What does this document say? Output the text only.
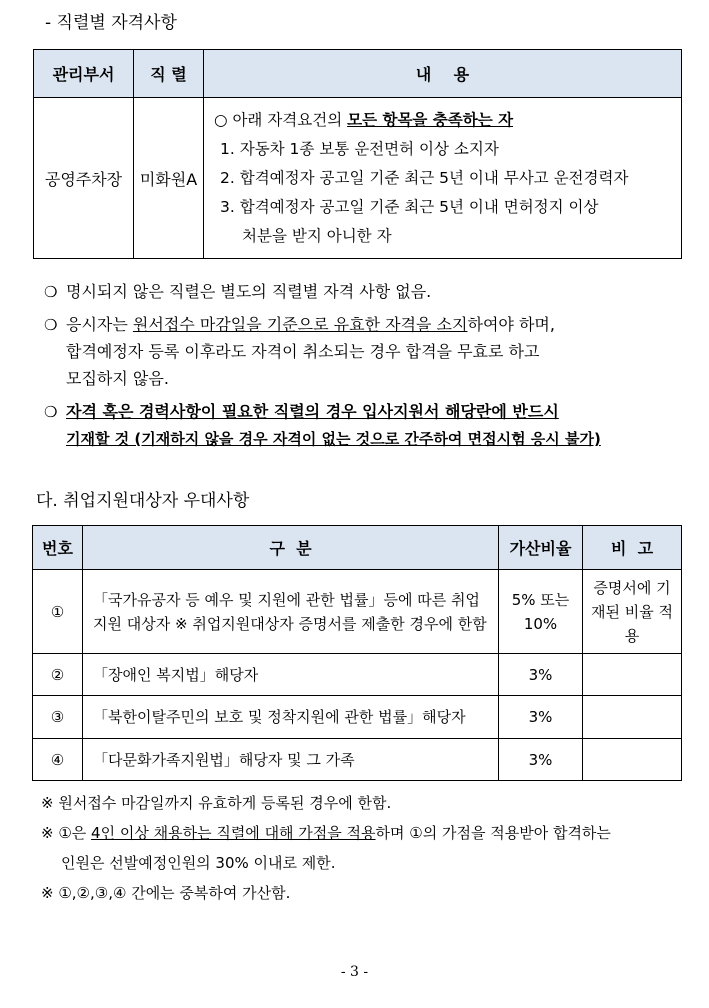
- 직렬별 자격사항
관리부서	직 렬	내    용
공영주차장	미화원A	○ 아래 자격요건의 모든 항목을 충족하는 자
1. 자동차 1종 보통 운전면허 이상 소지자
2. 합격예정자 공고일 기준 최근 5년 이내 무사고 운전경력자
3. 합격예정자 공고일 기준 최근 5년 이내 면허정지 이상
처분을 받지 아니한 자
❍ 명시되지 않은 직렬은 별도의 직렬별 자격 사항 없음.
❍ 응시자는 원서접수 마감일을 기준으로 유효한 자격을 소지하여야 하며,
합격예정자 등록 이후라도 자격이 취소되는 경우 합격을 무효로 하고
모집하지 않음.
❍ 자격 혹은 경력사항이 필요한 직렬의 경우 입사지원서 해당란에 반드시
기재할 것 (기재하지 않을 경우 자격이 없는 것으로 간주하여 면접시험 응시 불가)
다. 취업지원대상자 우대사항
번호	구  분	가산비율	비  고
①	「국가유공자 등 예우 및 지원에 관한 법률」등에 따른 취업지원 대상자 ※ 취업지원대상자 증명서를 제출한 경우에 한함	5% 또는 10%	증명서에 기재된 비율 적용
②	「장애인 복지법」해당자	3%	
③	「북한이탈주민의 보호 및 정착지원에 관한 법률」해당자	3%	
④	「다문화가족지원법」해당자 및 그 가족	3%	
※ 원서접수 마감일까지 유효하게 등록된 경우에 한함.
※ ①은 4인 이상 채용하는 직렬에 대해 가점을 적용하며 ①의 가점을 적용받아 합격하는
인원은 선발예정인원의 30% 이내로 제한.
※ ①,②,③,④ 간에는 중복하여 가산함.
- 3 -
